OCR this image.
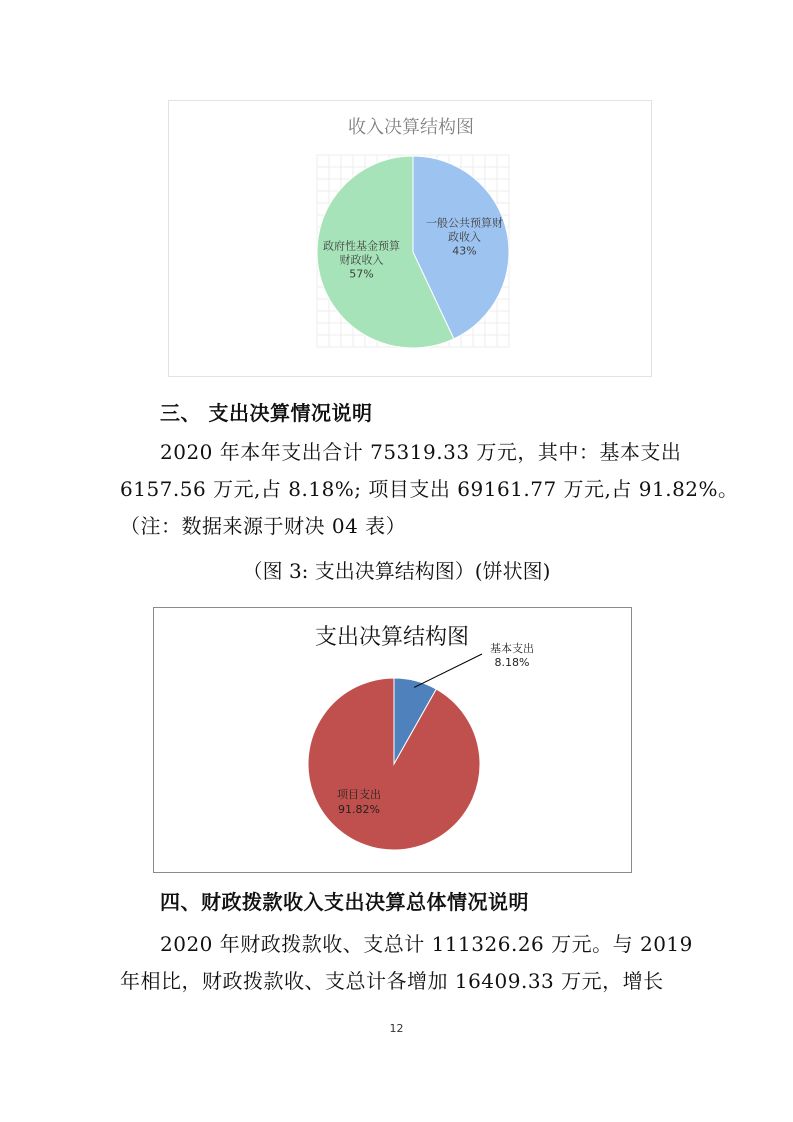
收入决算结构图
一般公共预算财政收入 43%
政府性基金预算财政收入 57%

三、 支出决算情况说明

2020 年本年支出合计 75319.33 万元，其中：基本支出

6157.56 万元,占 8.18%; 项目支出 69161.77 万元,占 91.82%。

（注：数据来源于财决 04 表）

（图 3: 支出决算结构图）(饼状图)

支出决算结构图 基本支出 8.18%
项目支出 91.82%

四、财政拨款收入支出决算总体情况说明

2020 年财政拨款收、支总计 111326.26 万元。与 2019

年相比，财政拨款收、支总计各增加 16409.33 万元，增长

12
